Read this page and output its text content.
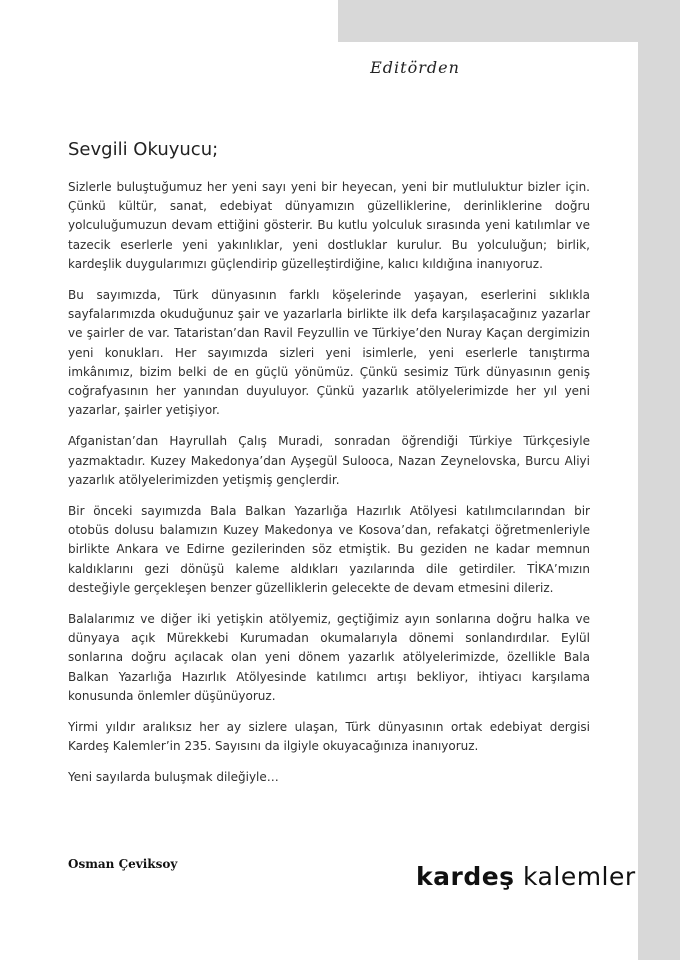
Editörden
Sevgili Okuyucu;

Sizlerle buluştuğumuz her yeni sayı yeni bir heyecan, yeni bir mutluluktur bizler için. Çünkü kültür, sanat, edebiyat dünyamızın güzelliklerine, derinliklerine doğru yolculuğumuzun devam ettiğini gösterir. Bu kutlu yolculuk sırasında yeni katılımlar ve tazecik eserlerle yeni yakınlıklar, yeni dostluklar kurulur. Bu yolculuğun; birlik, kardeşlik duygularımızı güçlendirip güzelleştirdiğine, kalıcı kıldığına inanıyoruz.

Bu sayımızda, Türk dünyasının farklı köşelerinde yaşayan, eserlerini sıklıkla sayfalarımızda okuduğunuz şair ve yazarlarla birlikte ilk defa karşılaşacağınız yazarlar ve şairler de var. Tataristan’dan Ravil Feyzullin ve Türkiye’den Nuray Kaçan dergimizin yeni konukları. Her sayımızda sizleri yeni isimlerle, yeni eserlerle tanıştırma imkânımız, bizim belki de en güçlü yönümüz. Çünkü sesimiz Türk dünyasının geniş coğrafyasının her yanından duyuluyor. Çünkü yazarlık atölyelerimizde her yıl yeni yazarlar, şairler yetişiyor.

Afganistan’dan Hayrullah Çalış Muradi, sonradan öğrendiği Türkiye Türkçesiyle yazmaktadır. Kuzey Makedonya’dan Ayşegül Sulooca, Nazan Zeynelovska, Burcu Aliyi yazarlık atölyelerimizden yetişmiş gençlerdir.

Bir önceki sayımızda Bala Balkan Yazarlığa Hazırlık Atölyesi katılımcılarından bir otobüs dolusu balamızın Kuzey Makedonya ve Kosova’dan, refakatçi öğretmenleriyle birlikte Ankara ve Edirne gezilerinden söz etmiştik. Bu geziden ne kadar memnun kaldıklarını gezi dönüşü kaleme aldıkları yazılarında dile getirdiler. TİKA’mızın desteğiyle gerçekleşen benzer güzelliklerin gelecekte de devam etmesini dileriz.

Balalarımız ve diğer iki yetişkin atölyemiz, geçtiğimiz ayın sonlarına doğru halka ve dünyaya açık Mürekkebi Kurumadan okumalarıyla dönemi sonlandırdılar. Eylül sonlarına doğru açılacak olan yeni dönem yazarlık atölyelerimizde, özellikle Bala Balkan Yazarlığa Hazırlık Atölyesinde katılımcı artışı bekliyor, ihtiyacı karşılama konusunda önlemler düşünüyoruz.

Yirmi yıldır aralıksız her ay sizlere ulaşan, Türk dünyasının ortak edebiyat dergisi Kardeş Kalemler’in 235. Sayısını da ilgiyle okuyacağınıza inanıyoruz.

Yeni sayılarda buluşmak dileğiyle…

Osman Çeviksoy	kardeş kalemler
